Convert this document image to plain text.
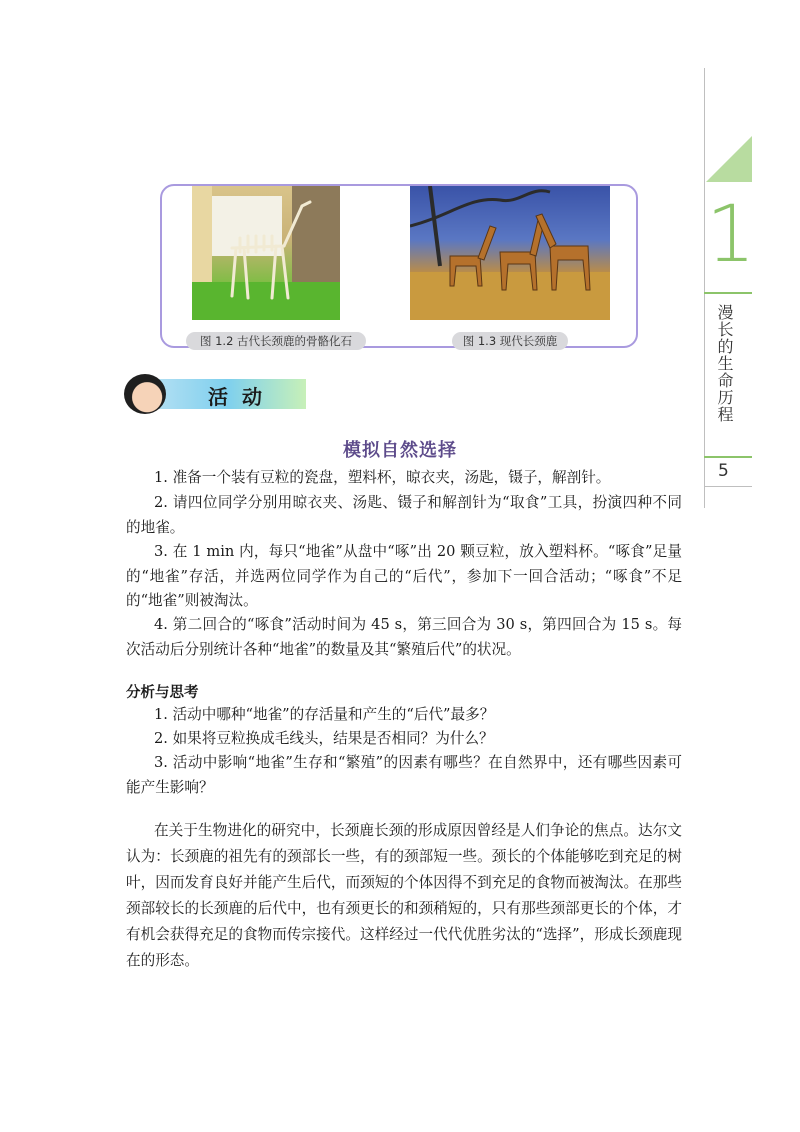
1
漫长的生命历程
5
图 1.2 古代长颈鹿的骨骼化石	图 1.3 现代长颈鹿
活动
模拟自然选择
1. 准备一个装有豆粒的瓷盘，塑料杯，晾衣夹，汤匙，镊子，解剖针。
2. 请四位同学分别用晾衣夹、汤匙、镊子和解剖针为“取食”工具，扮演四种不同的地雀。
3. 在 1 min 内，每只“地雀”从盘中“啄”出 20 颗豆粒，放入塑料杯。“啄食”足量的“地雀”存活，并选两位同学作为自己的“后代”，参加下一回合活动；“啄食”不足的“地雀”则被淘汰。
4. 第二回合的“啄食”活动时间为 45 s，第三回合为 30 s，第四回合为 15 s。每次活动后分别统计各种“地雀”的数量及其“繁殖后代”的状况。
分析与思考
1. 活动中哪种“地雀”的存活量和产生的“后代”最多？
2. 如果将豆粒换成毛线头，结果是否相同？为什么？
3. 活动中影响“地雀”生存和“繁殖”的因素有哪些？在自然界中，还有哪些因素可能产生影响？
在关于生物进化的研究中，长颈鹿长颈的形成原因曾经是人们争论的焦点。达尔文认为：长颈鹿的祖先有的颈部长一些，有的颈部短一些。颈长的个体能够吃到充足的树叶，因而发育良好并能产生后代，而颈短的个体因得不到充足的食物而被淘汰。在那些颈部较长的长颈鹿的后代中，也有颈更长的和颈稍短的，只有那些颈部更长的个体，才有机会获得充足的食物而传宗接代。这样经过一代代优胜劣汰的“选择”，形成长颈鹿现在的形态。
